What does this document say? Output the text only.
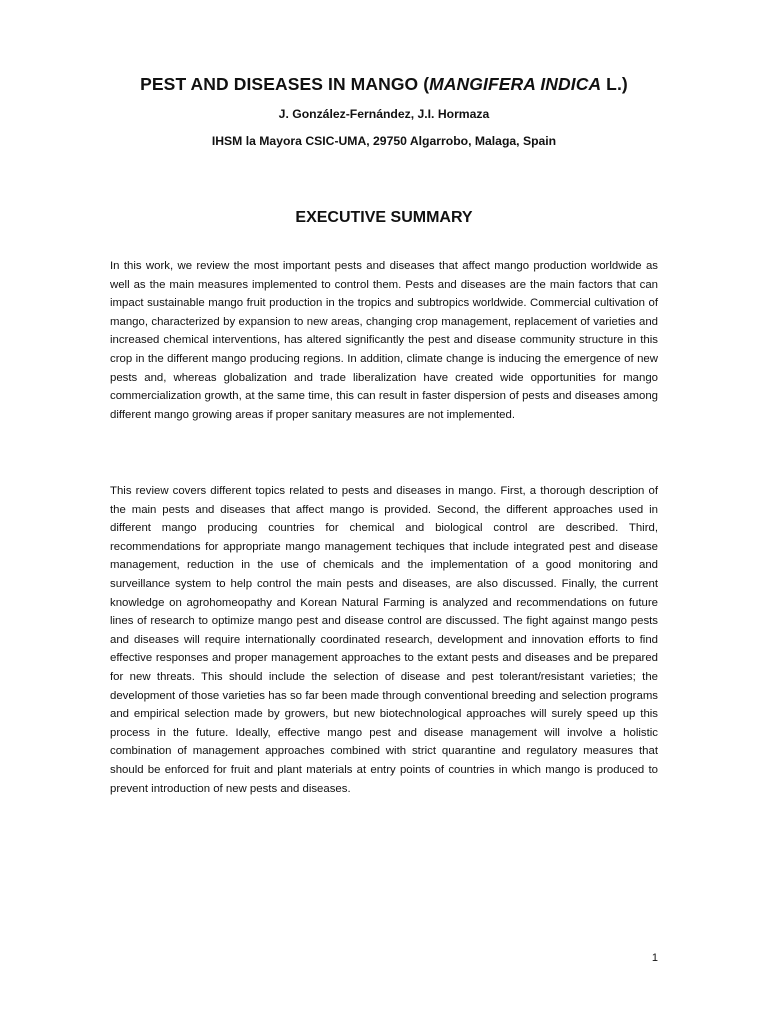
PEST AND DISEASES IN MANGO (MANGIFERA INDICA L.)
J. González-Fernández, J.I. Hormaza
IHSM la Mayora CSIC-UMA, 29750 Algarrobo, Malaga, Spain
EXECUTIVE SUMMARY

In this work, we review the most important pests and diseases that affect mango production worldwide as well as the main measures implemented to control them. Pests and diseases are the main factors that can impact sustainable mango fruit production in the tropics and subtropics worldwide. Commercial cultivation of mango, characterized by expansion to new areas, changing crop management, replacement of varieties and increased chemical interventions, has altered significantly the pest and disease community structure in this crop in the different mango producing regions. In addition, climate change is inducing the emergence of new pests and, whereas globalization and trade liberalization have created wide opportunities for mango commercialization growth, at the same time, this can result in faster dispersion of pests and diseases among different mango growing areas if proper sanitary measures are not implemented.

This review covers different topics related to pests and diseases in mango. First, a thorough description of the main pests and diseases that affect mango is provided. Second, the different approaches used in different mango producing countries for chemical and biological control are described. Third, recommendations for appropriate mango management techiques that include integrated pest and disease management, reduction in the use of chemicals and the implementation of a good monitoring and surveillance system to help control the main pests and diseases, are also discussed. Finally, the current knowledge on agrohomeopathy and Korean Natural Farming is analyzed and recommendations on future lines of research to optimize mango pest and disease control are discussed. The fight against mango pests and diseases will require internationally coordinated research, development and innovation efforts to find effective responses and proper management approaches to the extant pests and diseases and be prepared for new threats. This should include the selection of disease and pest tolerant/resistant varieties; the development of those varieties has so far been made through conventional breeding and selection programs and empirical selection made by growers, but new biotechnological approaches will surely speed up this process in the future. Ideally, effective mango pest and disease management will involve a holistic combination of management approaches combined with strict quarantine and regulatory measures that should be enforced for fruit and plant materials at entry points of countries in which mango is produced to prevent introduction of new pests and diseases.

1
